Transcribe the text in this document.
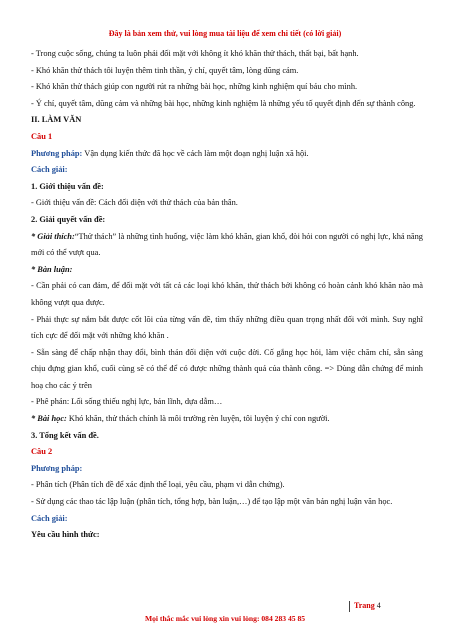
Đây là bản xem thử, vui lòng mua tài liệu để xem chi tiết (có lời giải)

- Trong cuộc sống, chúng ta luôn phải đối mặt với không ít khó khăn thử thách, thất bại, bất hạnh.

- Khó khăn thử thách tôi luyện thêm tinh thần, ý chí, quyết tâm, lòng dũng cảm.

- Khó khăn thử thách giúp con người rút ra những bài học, những kinh nghiệm quí báu cho mình.

- Ý chí, quyết tâm, dũng cảm và những bài học, những kinh nghiệm là những yếu tố quyết định đến sự thành công.

II. LÀM VĂN

Câu 1

Phương pháp: Vận dụng kiến thức đã học về cách làm một đoạn nghị luận xã hội.

Cách giải:

1. Giới thiệu vấn đề:

- Giới thiệu vấn đề: Cách đối diện với thử thách của bản thân.

2. Giải quyết vấn đề:

* Giải thích:“Thử thách” là những tình huống, việc làm khó khăn, gian khổ, đòi hỏi con người có nghị lực, khả năng mới có thể vượt qua.

* Bàn luận:

- Cần phải có can đảm, để đối mặt với tất cả các loại khó khăn, thử thách bởi không có hoàn cảnh khó khăn nào mà không vượt qua được.

- Phải thực sự nắm bắt được cốt lõi của từng vấn đề, tìm thấy những điều quan trọng nhất đối với mình. Suy nghĩ tích cực để đối mặt với những khó khăn .

- Sẵn sàng để chấp nhận thay đổi, bình thản đối diện với cuộc đời. Cố gắng học hỏi, làm việc chăm chỉ, sẵn sàng chịu đựng gian khổ, cuối cùng sẽ có thể để có được những thành quả của thành công. => Dùng dẫn chứng để minh hoạ cho các ý trên

- Phê phán: Lối sống thiếu nghị lực, bản lĩnh, dựa dẫm…

* Bài học: Khó khăn, thử thách chính là môi trường rèn luyện, tôi luyện ý chí con người.

3. Tổng kết vấn đề.

Câu 2

Phương pháp:

- Phân tích (Phân tích đề để xác định thể loại, yêu cầu, phạm vi dẫn chứng).

- Sử dụng các thao tác lập luận (phân tích, tổng hợp, bàn luận,…) để tạo lập một văn bản nghị luận văn học.

Cách giải:

Yêu cầu hình thức:

Trang 4
Mọi thắc mắc vui lòng xin vui lòng: 084 283 45 85
